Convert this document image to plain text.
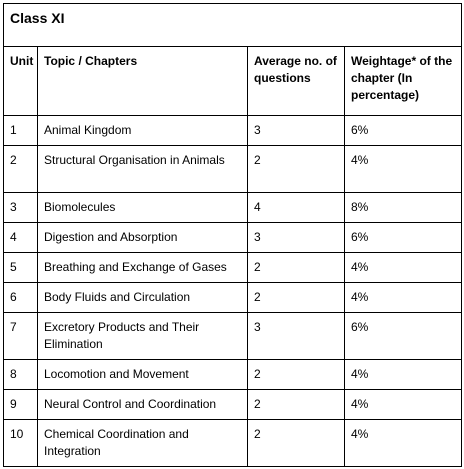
Class XI			
Unit	Topic / Chapters	Average no. of questions	Weightage* of the chapter (In percentage)
1	Animal Kingdom	3	6%
2	Structural Organisation in Animals	2	4%
3	Biomolecules	4	8%
4	Digestion and Absorption	3	6%
5	Breathing and Exchange of Gases	2	4%
6	Body Fluids and Circulation	2	4%
7	Excretory Products and Their Elimination	3	6%
8	Locomotion and Movement	2	4%
9	Neural Control and Coordination	2	4%
10	Chemical Coordination and Integration	2	4%
